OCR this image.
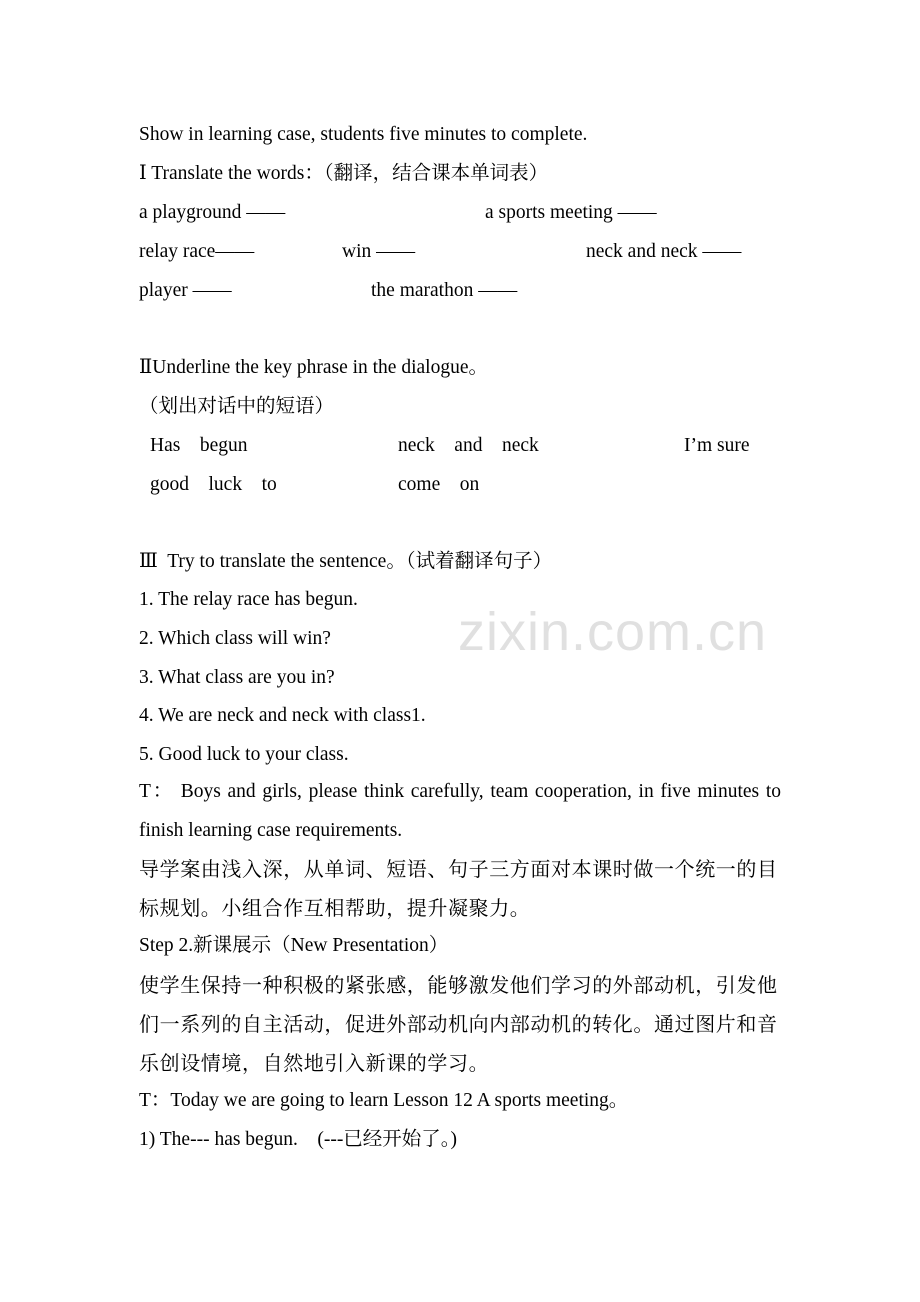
Show in learning case, students five minutes to complete.
Ⅰ Translate the words：（翻译，结合课本单词表）
a playground ——	a sports meeting ——
relay race——	win ——	neck and neck ——
player ——	the marathon ——
ⅡUnderline the key phrase in the dialogue。
（划出对话中的短语）
Has    begun	neck    and    neck	I’m sure
good    luck    to	come    on
Ⅲ  Try to translate the sentence。（试着翻译句子）
1. The relay race has begun.
2. Which class will win?
3. What class are you in?
4. We are neck and neck with class1.
5. Good luck to your class.
T： Boys and girls, please think carefully, team cooperation, in five minutes to finish learning case requirements.
导学案由浅入深，从单词、短语、句子三方面对本课时做一个统一的目标规划。小组合作互相帮助，提升凝聚力。
Step 2.新课展示（New Presentation）
使学生保持一种积极的紧张感，能够激发他们学习的外部动机，引发他们一系列的自主活动，促进外部动机向内部动机的转化。通过图片和音乐创设情境，自然地引入新课的学习。
T：Today we are going to learn Lesson 12 A sports meeting。
1) The--- has begun.    (---已经开始了。)
zixin.com.cn
